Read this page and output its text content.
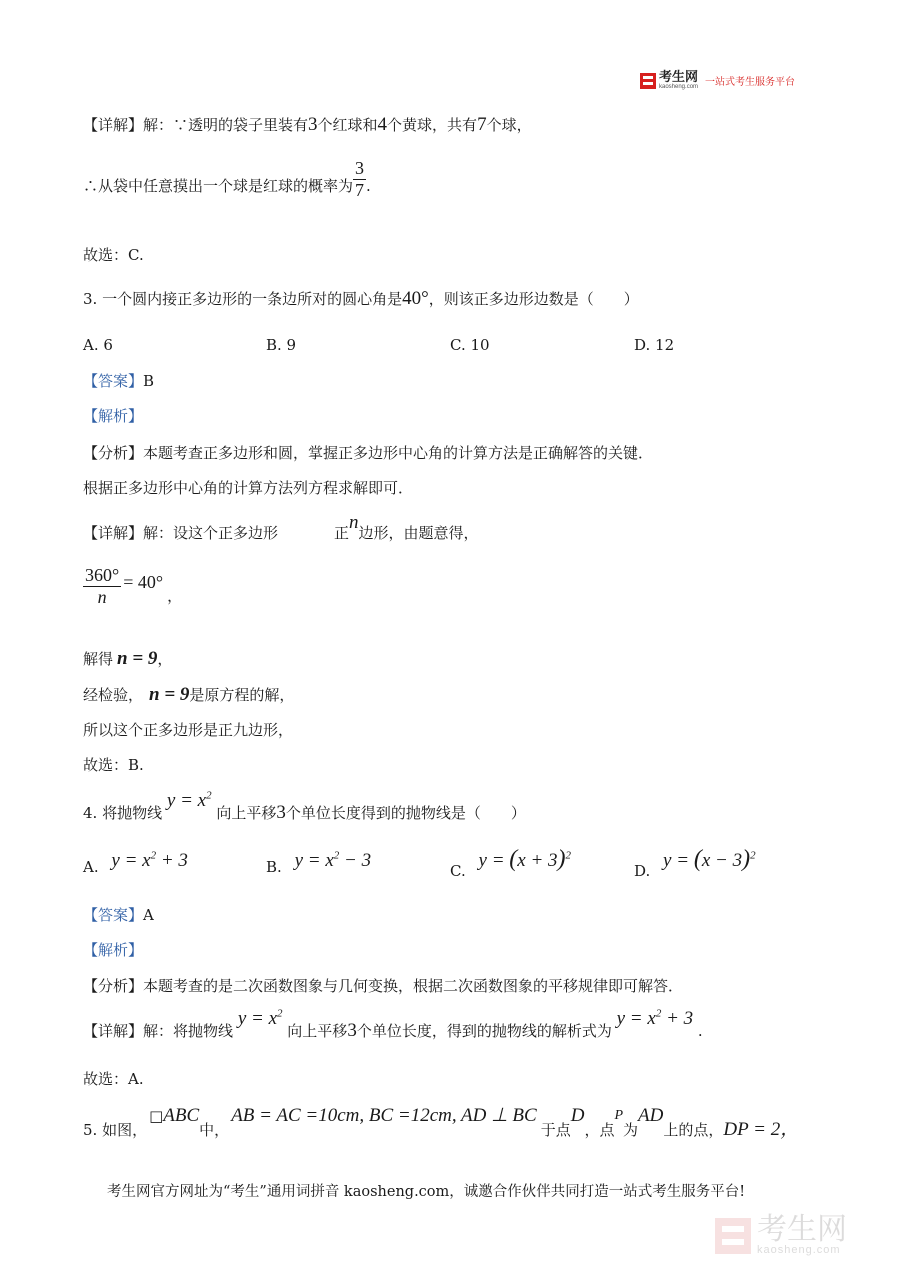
考生网
kaosheng.com 一站式考生服务平台
【详解】解：∵透明的袋子里装有3个红球和4个黄球，共有7个球，
∴从袋中任意摸出一个球是红球的概率为 $\frac{3}{7}$ .
故选：C.
3. 一个圆内接正多边形的一条边所对的圆心角是40°，则该正多边形边数是（　　）
A. 6	B. 9	C. 10	D. 12
【答案】B
【解析】
【分析】本题考查正多边形和圆，掌握正多边形中心角的计算方法是正确解答的关键．
根据正多边形中心角的计算方法列方程求解即可．
【详解】解：设这个正多边形	正n边形，由题意得，
$\frac{360^\circ}{n} = 40^\circ$
，
解得 n = 9，
经检验， n = 9是原方程的解，
所以这个正多边形是正九边形，
故选：B.
4. 将抛物线 $y = x^2$ 向上平移3个单位长度得到的抛物线是（　　）
A. $y = x^2 + 3$	B. $y = x^2 - 3$	C. $y = (x + 3)^2$
D. $y = (x - 3)^2$
【答案】A
【解析】
【分析】本题考查的是二次函数图象与几何变换，根据二次函数图象的平移规律即可解答．
【详解】解：将抛物线 $y = x^2$ 向上平移3个单位长度，得到的抛物线的解析式为 $y = x^2 + 3$ .
故选：A.
5. 如图，□ABC中，AB = AC =10cm, BC =12cm, AD ⊥ BC于点D，点P为AD上的点，DP = 2，
考生网官方网址为“考生”通用词拼音 kaosheng.com，诚邀合作伙伴共同打造一站式考生服务平台!
考生网
kaosheng.com
